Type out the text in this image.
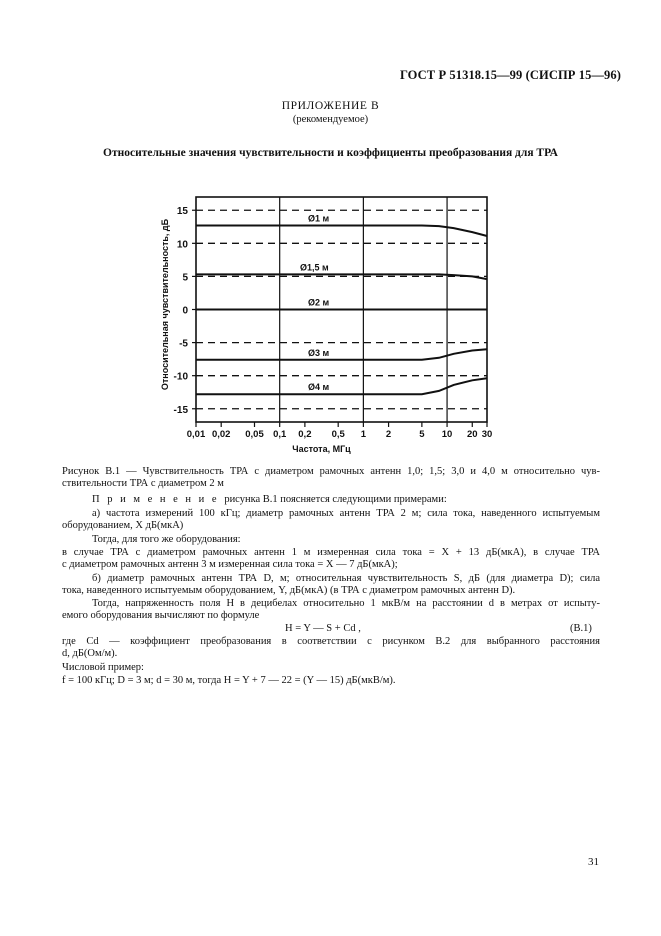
ГОСТ Р 51318.15—99 (СИСПР 15—96)
ПРИЛОЖЕНИЕ В
(рекомендуемое)
Относительные значения чувствительности и коэффициенты преобразования для ТРА
15
10
5
0
-5
-10
-15
0,01 0,02 0,05 0,1 0,2 0,5 1 2	5 10 20 30
Частота, МГц
Относительная чувствительность, дБ
Ø1 м
Ø1,5 м
Ø2 м
Ø3 м
Ø4 м
Рисунок В.1 — Чувствительность ТРА с диаметром рамочных антенн 1,0; 1,5; 3,0 и 4,0 м относительно чув-
ствительности ТРА с диаметром 2 м
П р и м е н е н и е рисунка В.1 поясняется следующими примерами:
а) частота измерений 100 кГц; диаметр рамочных антенн ТРА 2 м; сила тока, наведенного испытуемым
оборудованием, X дБ(мкА)
Тогда, для того же оборудования:
в случае ТРА с диаметром рамочных антенн 1 м измеренная сила тока = X + 13 дБ(мкА), в случае ТРА
с диаметром рамочных антенн 3 м измеренная сила тока = X — 7 дБ(мкА);
б) диаметр рамочных антенн ТРА D, м; относительная чувствительность S, дБ (для диаметра D); сила
тока, наведенного испытуемым оборудованием, Y, дБ(мкА) (в ТРА с диаметром рамочных антенн D).
Тогда, напряженность поля H в децибелах относительно 1 мкВ/м на расстоянии d в метрах от испыту-
емого оборудования вычисляют по формуле
H = Y — S + Cd ,	(В.1)
где Cd — коэффициент преобразования в соответствии с рисунком В.2 для выбранного расстояния
d, дБ(Ом/м).
Числовой пример:
f = 100 кГц; D = 3 м; d = 30 м, тогда H = Y + 7 — 22 = (Y — 15) дБ(мкВ/м).
31
